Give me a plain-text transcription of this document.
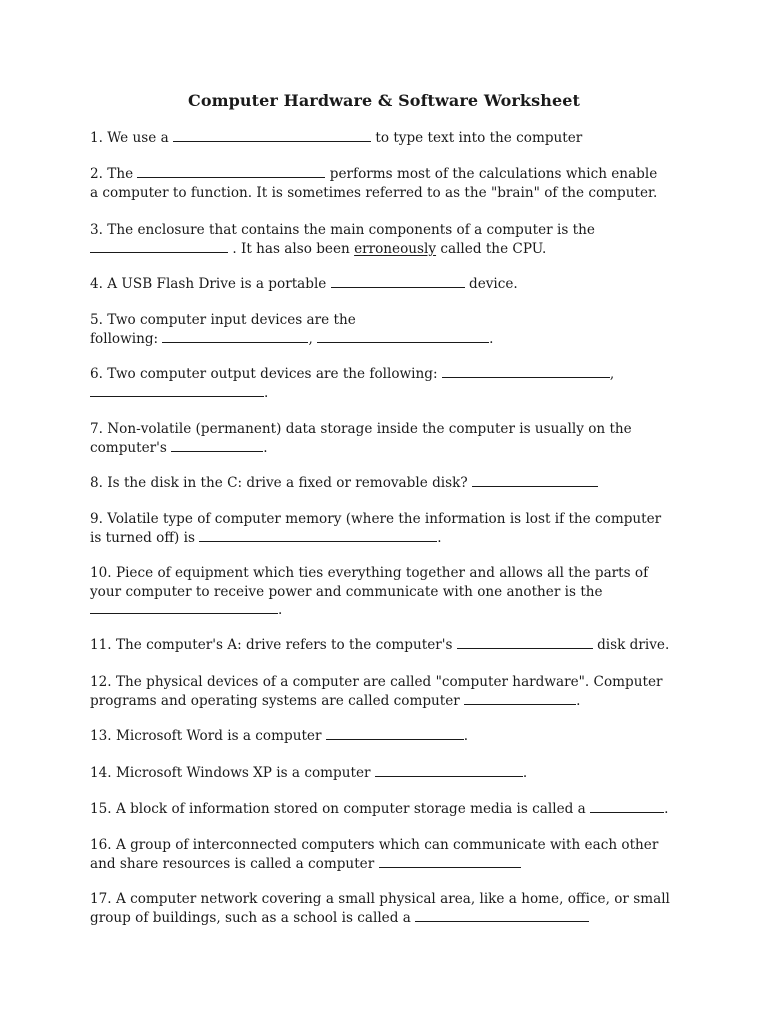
Computer Hardware & Software Worksheet
1. We use a	to type text into the computer
2. The	performs most of the calculations which enable
a computer to function. It is sometimes referred to as the "brain" of the computer.
3. The enclosure that contains the main components of a computer is the
. It has also been erroneously called the CPU.
4. A USB Flash Drive is a portable	device.
5. Two computer input devices are the
following:	,	.
6. Two computer output devices are the following:	,
.
7. Non-volatile (permanent) data storage inside the computer is usually on the
computer's	.
8. Is the disk in the C: drive a fixed or removable disk?
9. Volatile type of computer memory (where the information is lost if the computer
is turned off) is	.
10. Piece of equipment which ties everything together and allows all the parts of
your computer to receive power and communicate with one another is the
.
11. The computer's A: drive refers to the computer's	disk drive.
12. The physical devices of a computer are called "computer hardware". Computer
programs and operating systems are called computer	.
13. Microsoft Word is a computer	.
14. Microsoft Windows XP is a computer	.
15. A block of information stored on computer storage media is called a	.
16. A group of interconnected computers which can communicate with each other
and share resources is called a computer
17. A computer network covering a small physical area, like a home, office, or small
group of buildings, such as a school is called a
